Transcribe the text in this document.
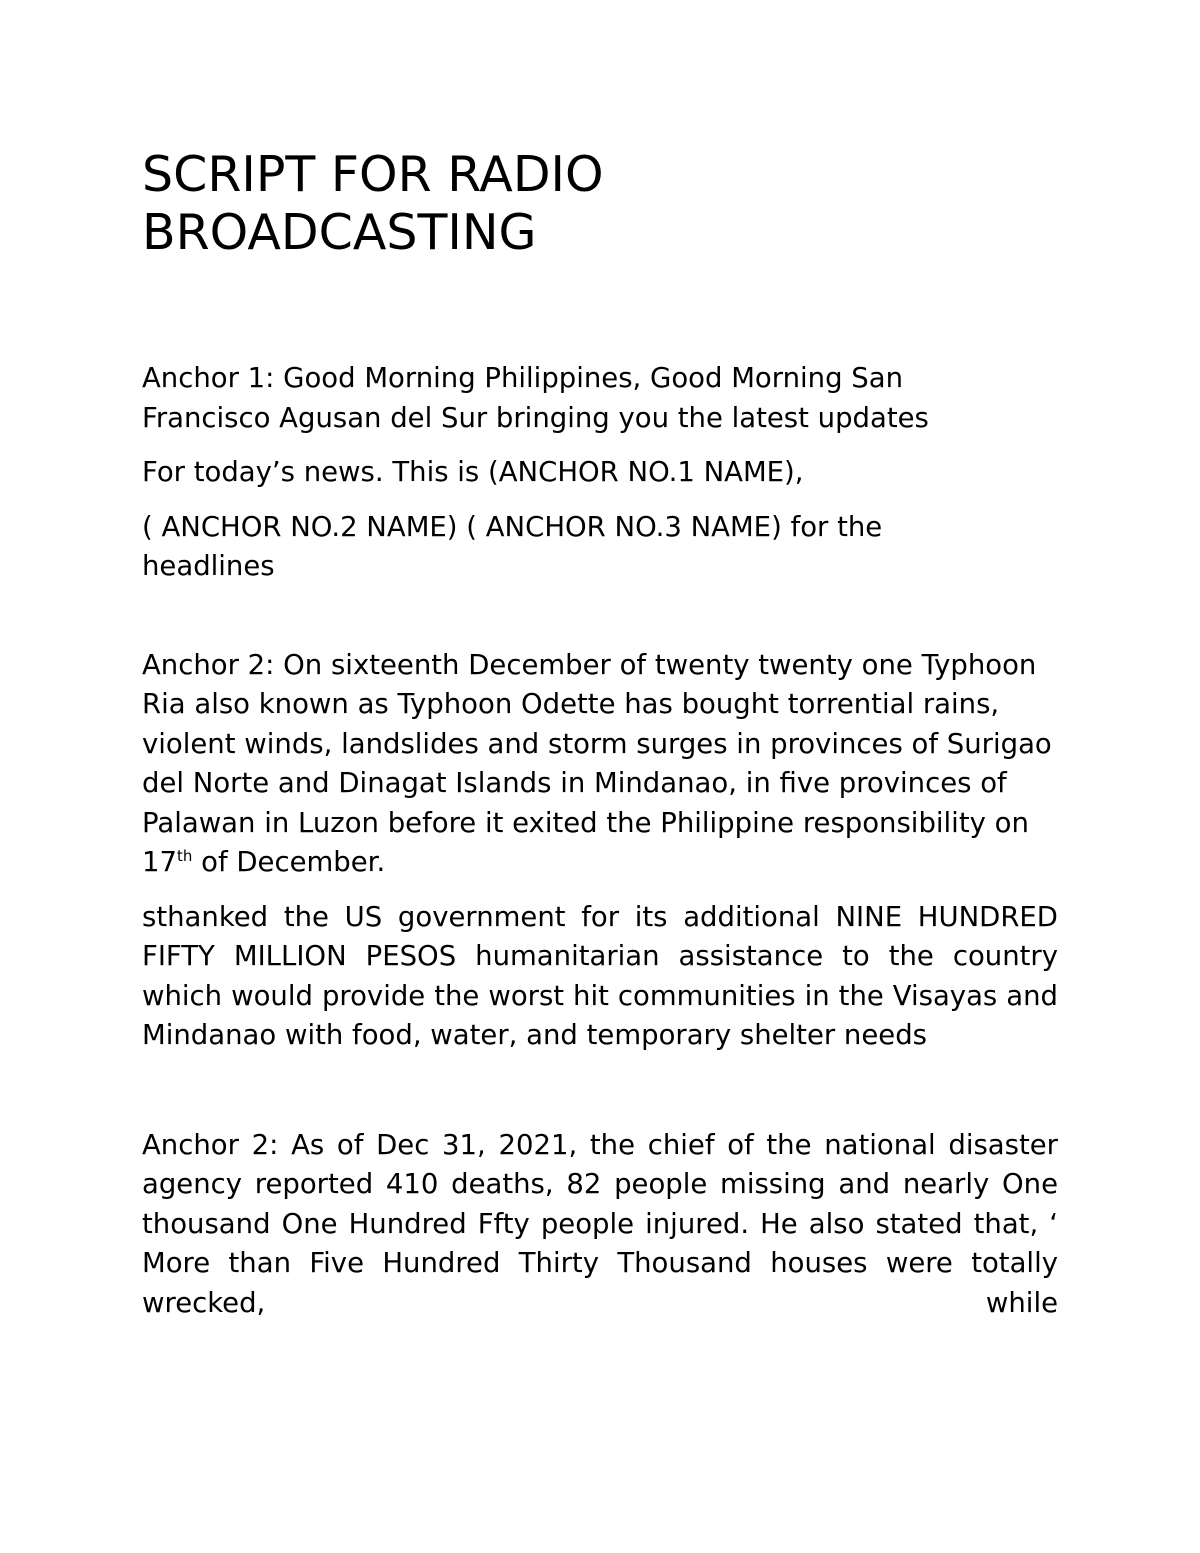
SCRIPT FOR RADIO BROADCASTING

Anchor 1: Good Morning Philippines, Good Morning San Francisco Agusan del Sur bringing you the latest updates

For today’s news. This is (ANCHOR NO.1 NAME),

( ANCHOR NO.2 NAME) ( ANCHOR NO.3 NAME) for the headlines

Anchor 2: On sixteenth December of twenty twenty one Typhoon Ria also known as Typhoon Odette has bought torrential rains, violent winds, landslides and storm surges in provinces of Surigao del Norte and Dinagat Islands in Mindanao, in five provinces of Palawan in Luzon before it exited the Philippine responsibility on 17th of December.

sthanked the US government for its additional NINE HUNDRED FIFTY MILLION PESOS humanitarian assistance to the country which would provide the worst hit communities in the Visayas and Mindanao with food, water, and temporary shelter needs

Anchor 2: As of Dec 31, 2021, the chief of the national disaster agency reported 410 deaths, 82 people missing and nearly One thousand One Hundred Ffty people injured. He also stated that, ‘ More than Five Hundred Thirty Thousand houses were totally wrecked, while
